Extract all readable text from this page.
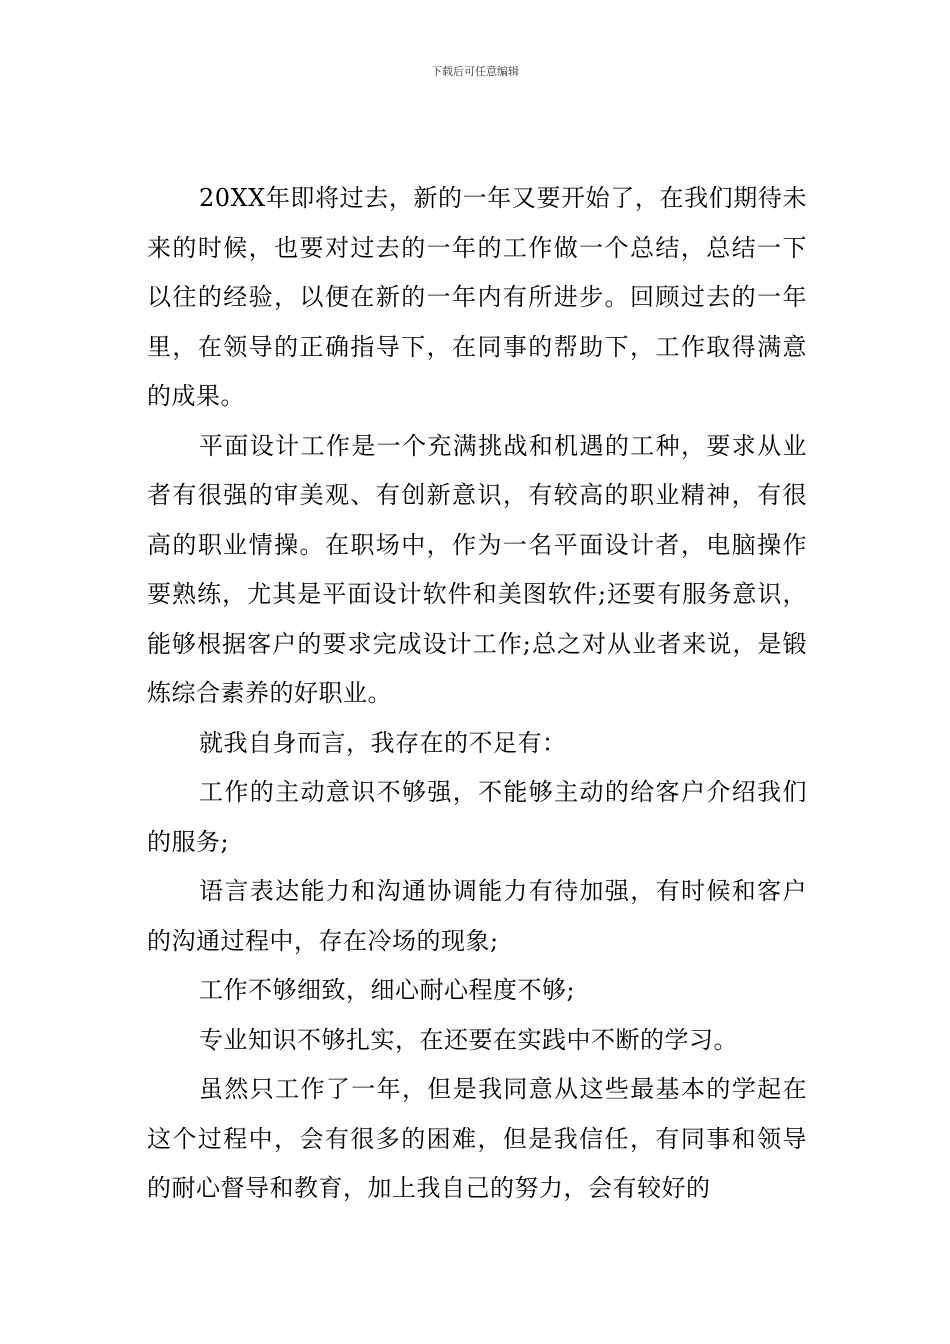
下载后可任意编辑

20XX年即将过去，新的一年又要开始了，在我们期待未来的时候，也要对过去的一年的工作做一个总结，总结一下以往的经验，以便在新的一年内有所进步。回顾过去的一年里，在领导的正确指导下，在同事的帮助下，工作取得满意的成果。

平面设计工作是一个充满挑战和机遇的工种，要求从业者有很强的审美观、有创新意识，有较高的职业精神，有很高的职业情操。在职场中，作为一名平面设计者，电脑操作要熟练，尤其是平面设计软件和美图软件;还要有服务意识，能够根据客户的要求完成设计工作;总之对从业者来说，是锻炼综合素养的好职业。

就我自身而言，我存在的不足有：

工作的主动意识不够强，不能够主动的给客户介绍我们的服务;

语言表达能力和沟通协调能力有待加强，有时候和客户的沟通过程中，存在冷场的现象;

工作不够细致，细心耐心程度不够;

专业知识不够扎实，在还要在实践中不断的学习。

虽然只工作了一年，但是我同意从这些最基本的学起在这个过程中，会有很多的困难，但是我信任，有同事和领导的耐心督导和教育，加上我自己的努力，会有较好的
